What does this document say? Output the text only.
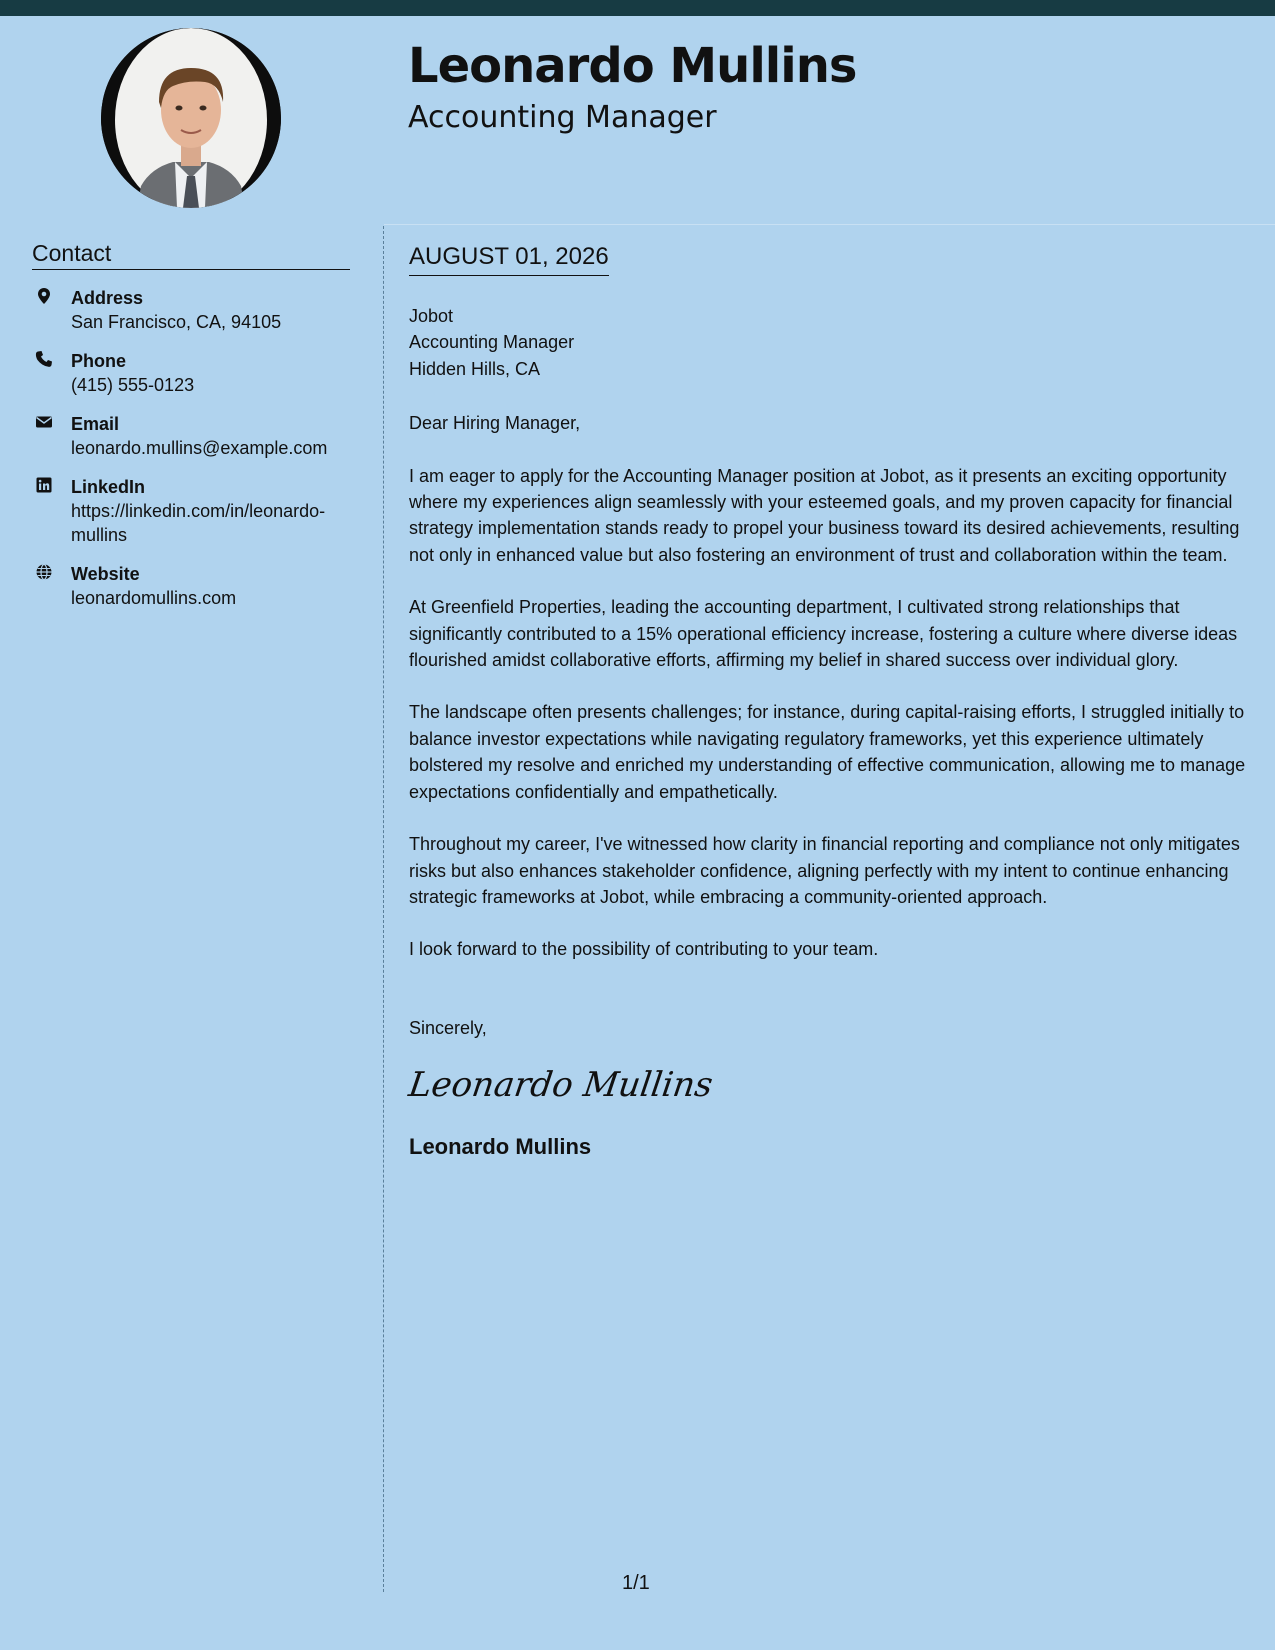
Leonardo Mullins
Accounting Manager
Contact
Address
San Francisco, CA, 94105
Phone
(415) 555-0123
Email
leonardo.mullins@example.com
LinkedIn
https://linkedin.com/in/leonardo-mullins
Website
leonardomullins.com
AUGUST 01, 2026
Jobot
Accounting Manager
Hidden Hills, CA

Dear Hiring Manager,

I am eager to apply for the Accounting Manager position at Jobot, as it presents an exciting opportunity where my experiences align seamlessly with your esteemed goals, and my proven capacity for financial strategy implementation stands ready to propel your business toward its desired achievements, resulting not only in enhanced value but also fostering an environment of trust and collaboration within the team.

At Greenfield Properties, leading the accounting department, I cultivated strong relationships that significantly contributed to a 15% operational efficiency increase, fostering a culture where diverse ideas flourished amidst collaborative efforts, affirming my belief in shared success over individual glory.

The landscape often presents challenges; for instance, during capital-raising efforts, I struggled initially to balance investor expectations while navigating regulatory frameworks, yet this experience ultimately bolstered my resolve and enriched my understanding of effective communication, allowing me to manage expectations confidentially and empathetically.

Throughout my career, I've witnessed how clarity in financial reporting and compliance not only mitigates risks but also enhances stakeholder confidence, aligning perfectly with my intent to continue enhancing strategic frameworks at Jobot, while embracing a community-oriented approach.

I look forward to the possibility of contributing to your team.

Sincerely,
Leonardo Mullins
Leonardo Mullins
1/1
